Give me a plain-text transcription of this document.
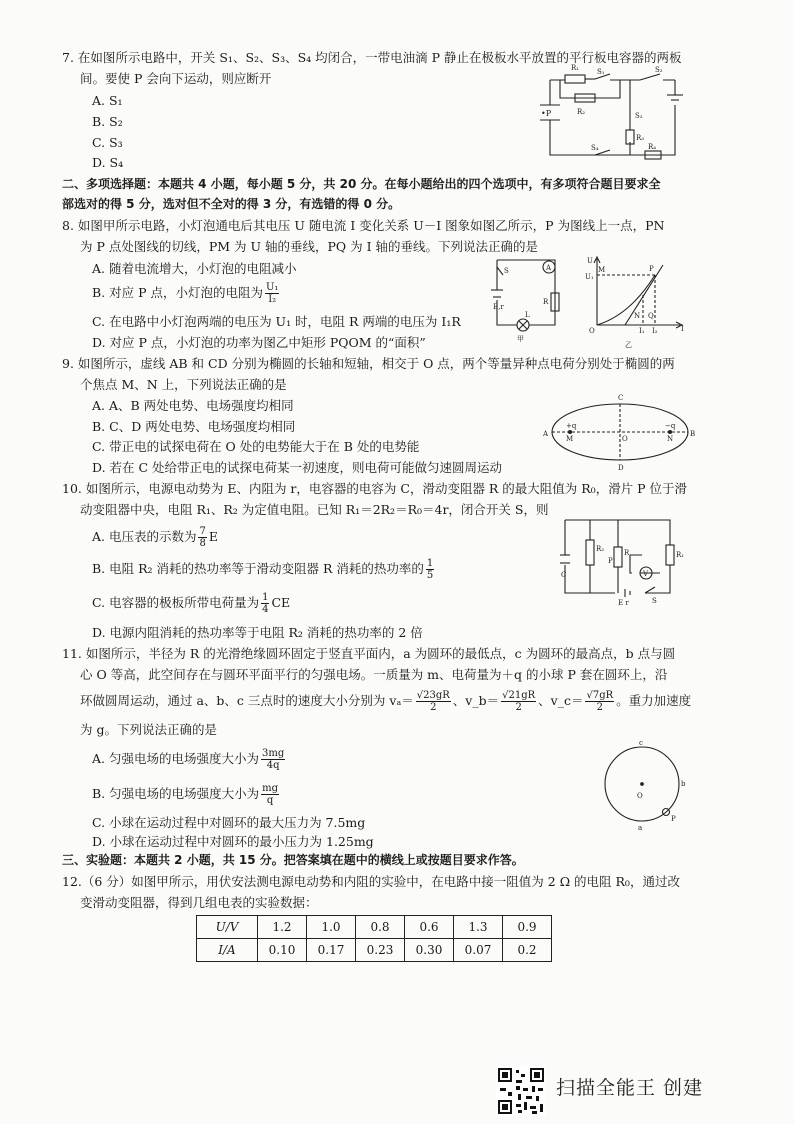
7. 在如图所示电路中，开关 S₁、S₂、S₃、S₄ 均闭合，一带电油滴 P 静止在极板水平放置的平行板电容器的两板
间。要使 P 会向下运动，则应断开
A. S₁
B. S₂
C. S₃
D. S₄
R₁	S₁	S₂
R₂	S₃
R₃
R₄
S₄
•P
二、多项选择题：本题共 4 小题，每小题 5 分，共 20 分。在每小题给出的四个选项中，有多项符合题目要求全
部选对的得 5 分，选对但不全对的得 3 分，有选错的得 0 分。
8. 如图甲所示电路，小灯泡通电后其电压 U 随电流 I 变化关系 U－I 图象如图乙所示，P 为图线上一点，PN
为 P 点处图线的切线，PM 为 U 轴的垂线，PQ 为 I 轴的垂线。下列说法正确的是
A. 随着电流增大，小灯泡的电阻减小
B. 对应 P 点，小灯泡的电阻为 $\frac{\text{U₁}}{\text{I₂}}$
C. 在电路中小灯泡两端的电压为 U₁ 时，电阻 R 两端的电压为 I₁R
D. 对应 P 点，小灯泡的功率为图乙中矩形 PQOM 的“面积”
S	A
E,r
R
L
甲
U
M
U₁
P
N Q
O	I₁ I₂	I
乙
9. 如图所示，虚线 AB 和 CD 分别为椭圆的长轴和短轴，相交于 O 点，两个等量异种点电荷分别处于椭圆的两
个焦点 M、N 上，下列说法正确的是
A. A、B 两处电势、电场强度均相同
B. C、D 两处电势、电场强度均相同
C. 带正电的试探电荷在 O 处的电势能大于在 B 处的电势能
D. 若在 C 处给带正电的试探电荷某一初速度，则电荷可能做匀速圆周运动
A	B
C
D
O
+q
M
−q
N
10. 如图所示，电源电动势为 E、内阻为 r，电容器的电容为 C，滑动变阻器 R 的最大阻值为 R₀，滑片 P 位于滑
动变阻器中央，电阻 R₁、R₂ 为定值电阻。已知 R₁＝2R₂＝R₀＝4r，闭合开关 S，则
A. 电压表的示数为 $\frac{7}{8}$ E
B. 电阻 R₂ 消耗的热功率等于滑动变阻器 R 消耗的热功率的 $\frac{1}{5}$
C. 电容器的极板所带电荷量为 $\frac{1}{4}$ CE
D. 电源内阻消耗的热功率等于电阻 R₂ 消耗的热功率的 2 倍
C
R₂
P
R	R₁
V
E r	S
11. 如图所示，半径为 R 的光滑绝缘圆环固定于竖直平面内，a 为圆环的最低点，c 为圆环的最高点，b 点与圆
心 O 等高，此空间存在与圆环平面平行的匀强电场。一质量为 m、电荷量为＋q 的小球 P 套在圆环上，沿
环做圆周运动，通过 a、b、c 三点时的速度大小分别为 $v_a= \frac{√23gR}{2}$ 、v_b＝ $\frac{√21gR}{2}$ 、v_c＝ $\frac{√7gR}{2}$ 。重力加速度
为 g。下列说法正确的是
A. 匀强电场的电场强度大小为 $\frac{3mg}{4q}$
B. 匀强电场的电场强度大小为 $\frac{mg}{q}$
C. 小球在运动过程中对圆环的最大压力为 7.5mg
D. 小球在运动过程中对圆环的最小压力为 1.25mg
c
b
O
a
P
三、实验题：本题共 2 小题，共 15 分。把答案填在题中的横线上或按题目要求作答。
12.（6 分）如图甲所示，用伏安法测电源电动势和内阻的实验中，在电路中接一阻值为 2 Ω 的电阻 R₀，通过改
变滑动变阻器，得到几组电表的实验数据：
U/V	1.2	1.0	0.8	0.6	1.3	0.9
I/A	0.10	0.17	0.23	0.30	0.07	0.2
扫描全能王 创建
